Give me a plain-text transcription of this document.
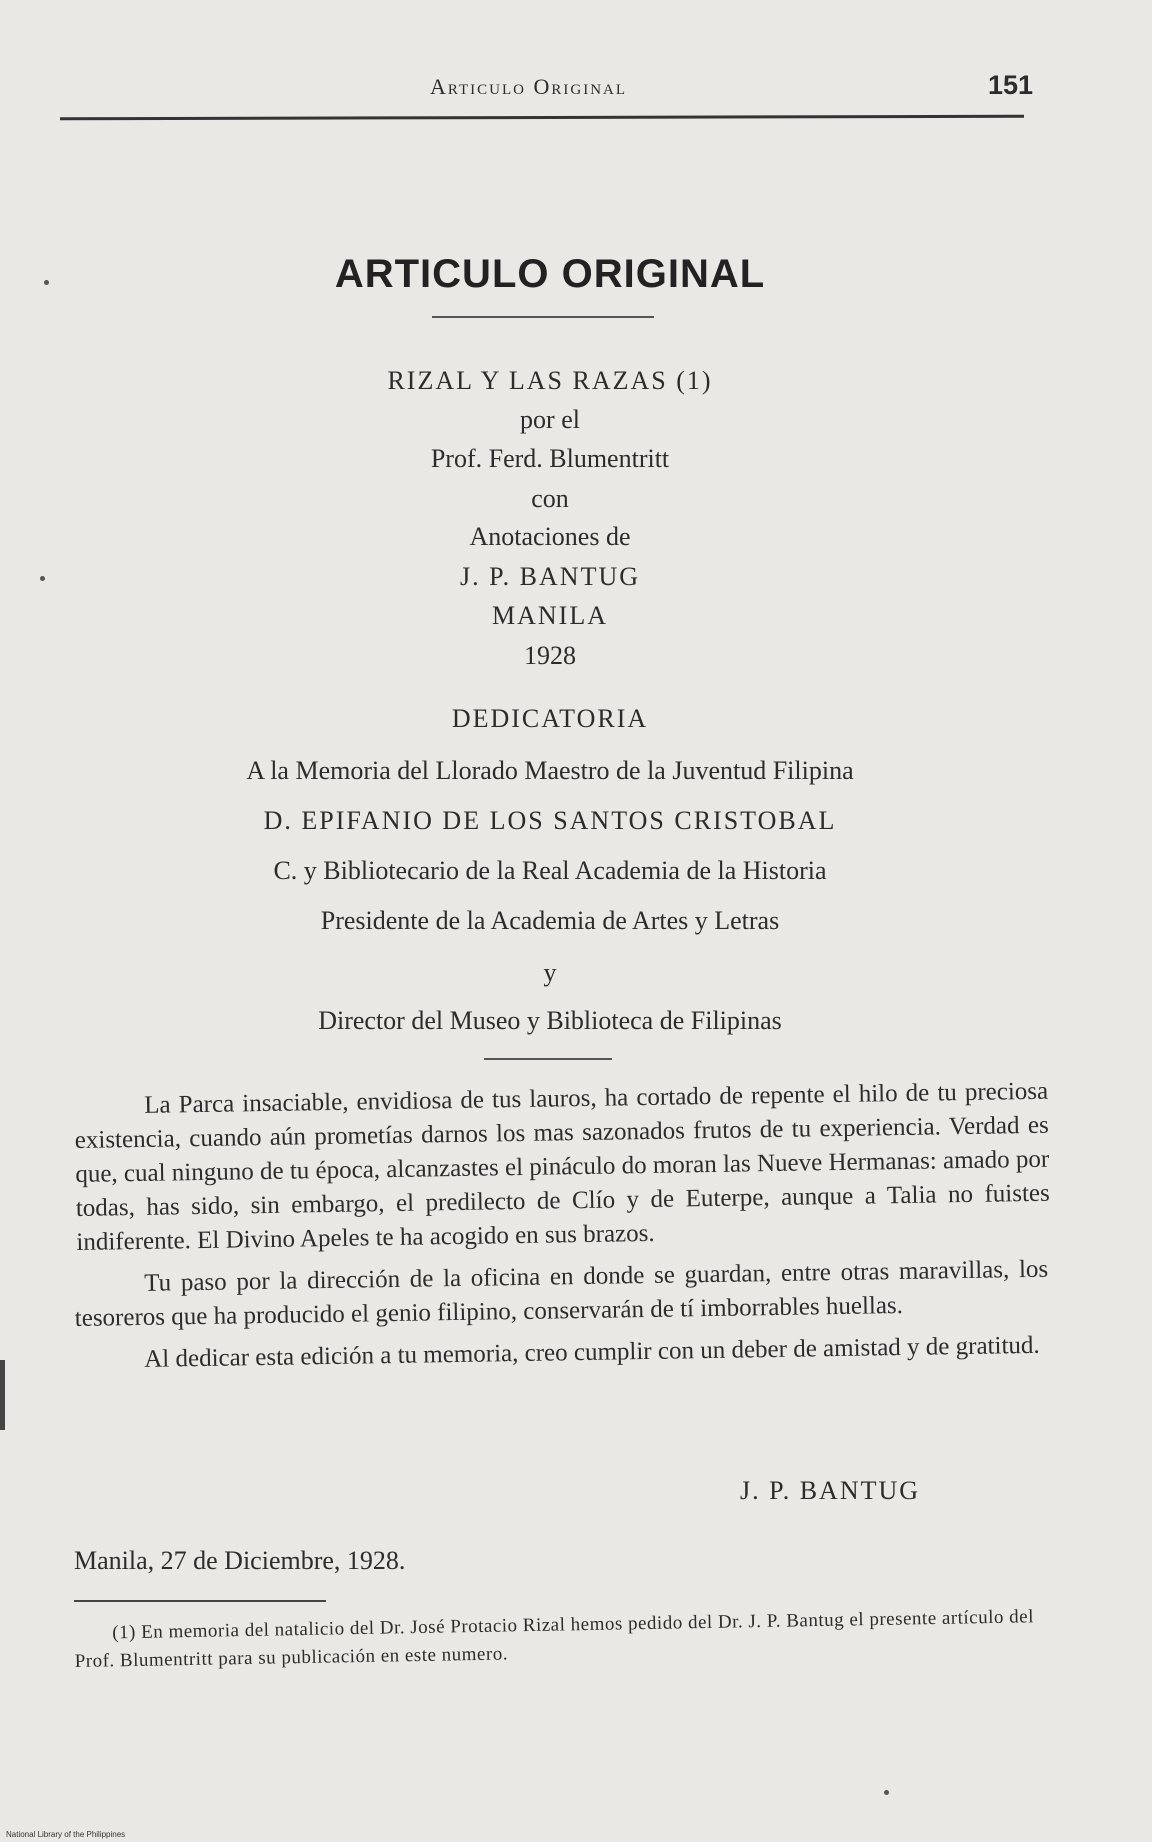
Articulo Original	151
ARTICULO ORIGINAL
RIZAL Y LAS RAZAS (1)
por el
Prof. Ferd. Blumentritt
con
Anotaciones de
J. P. BANTUG
MANILA
1928
DEDICATORIA
A la Memoria del Llorado Maestro de la Juventud Filipina
D. EPIFANIO DE LOS SANTOS CRISTOBAL
C. y Bibliotecario de la Real Academia de la Historia
Presidente de la Academia de Artes y Letras
y
Director del Museo y Biblioteca de Filipinas

La Parca insaciable, envidiosa de tus lauros, ha cortado de repente el hilo de tu preciosa existencia, cuando aún prometías darnos los mas sazonados frutos de tu experiencia. Verdad es que, cual ninguno de tu época, alcanzastes el pináculo do moran las Nueve Hermanas: amado por todas, has sido, sin embargo, el predilecto de Clío y de Euterpe, aunque a Talia no fuistes indiferente. El Divino Apeles te ha acogido en sus brazos.

Tu paso por la dirección de la oficina en donde se guardan, entre otras maravillas, los tesoreros que ha producido el genio filipino, conservarán de tí imborrables huellas.

Al dedicar esta edición a tu memoria, creo cumplir con un deber de amistad y de gratitud.

J. P. BANTUG
Manila, 27 de Diciembre, 1928.
(1) En memoria del natalicio del Dr. José Protacio Rizal hemos pedido del Dr. J. P. Bantug el presente artículo del Prof. Blumentritt para su publicación en este numero.
National Library of the Philippines
